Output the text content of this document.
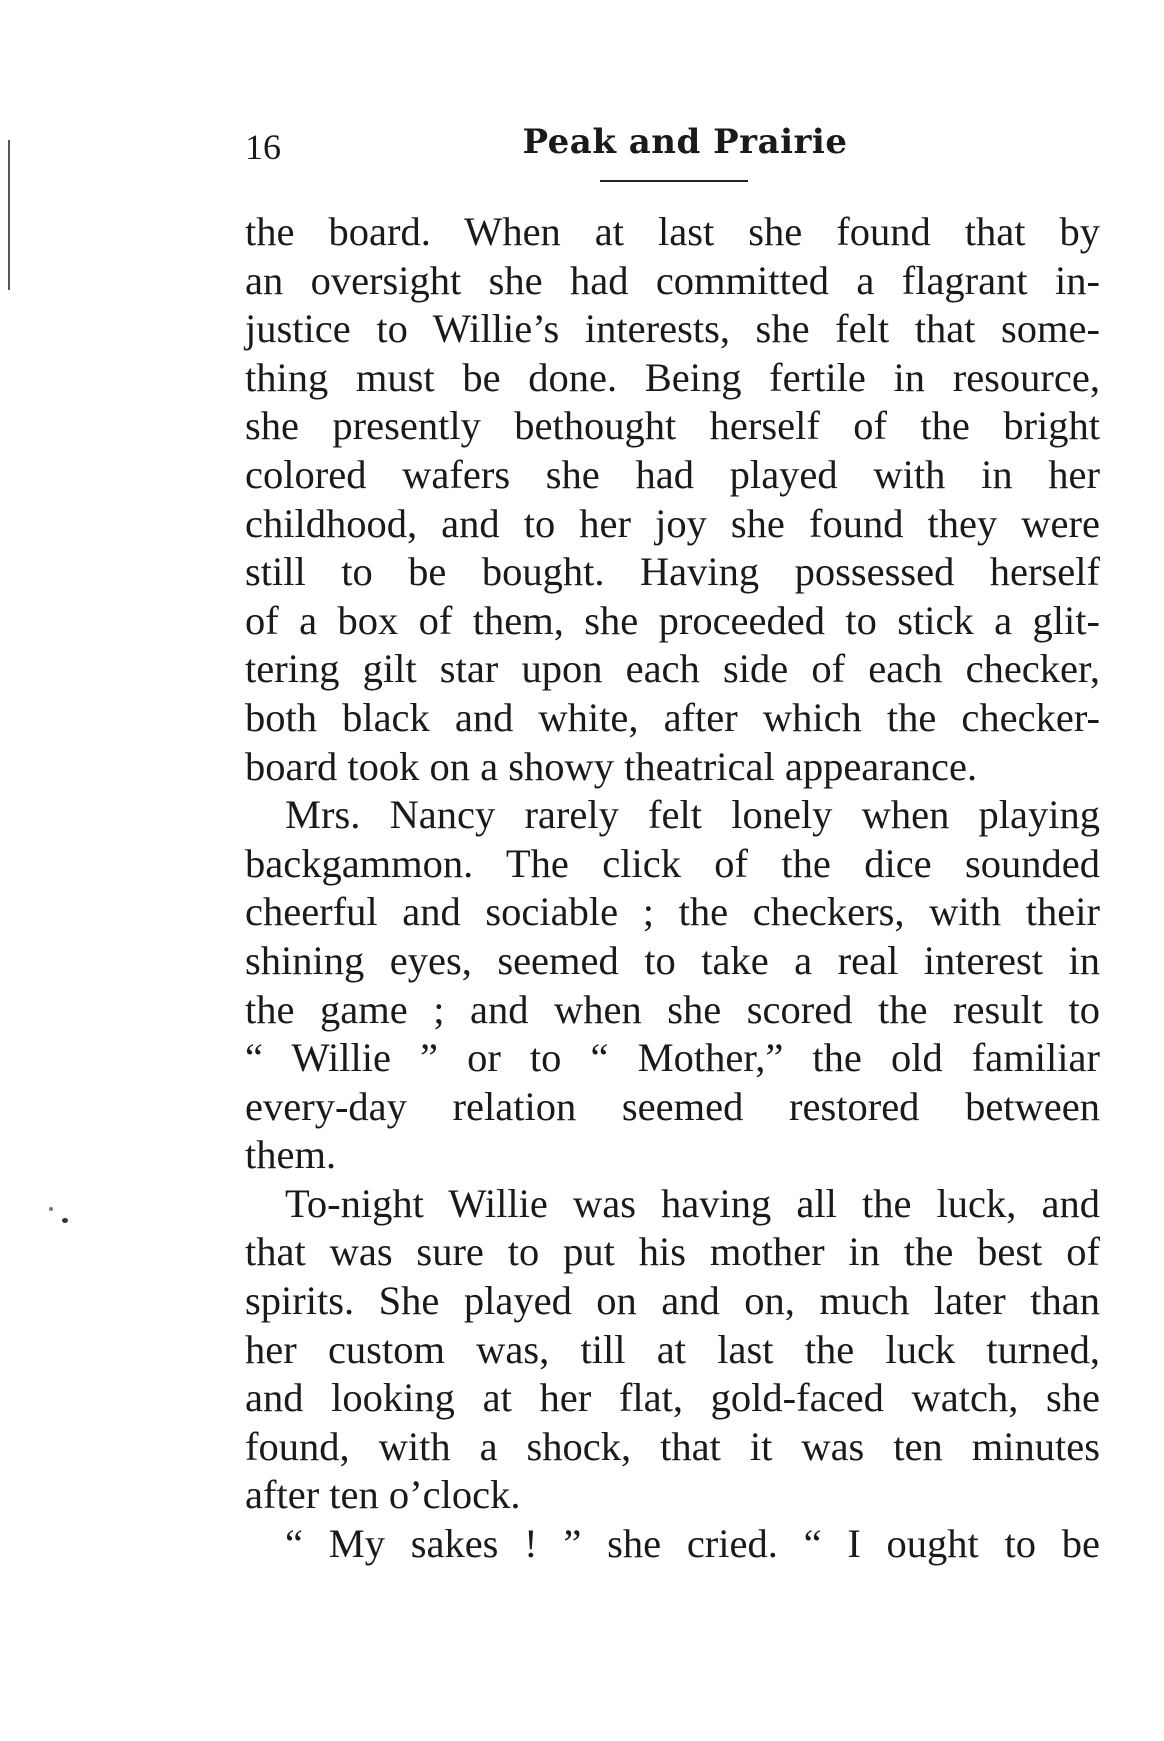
16	Peak and Prairie
the board. When at last she found that by
an oversight she had committed a flagrant in-
justice to Willie’s interests, she felt that some-
thing must be done. Being fertile in resource,
she presently bethought herself of the bright
colored wafers she had played with in her
childhood, and to her joy she found they were
still to be bought. Having possessed herself
of a box of them, she proceeded to stick a glit-
tering gilt star upon each side of each checker,
both black and white, after which the checker-
board took on a showy theatrical appearance.
Mrs. Nancy rarely felt lonely when playing
backgammon. The click of the dice sounded
cheerful and sociable ; the checkers, with their
shining eyes, seemed to take a real interest in
the game ; and when she scored the result to
“ Willie ” or to “ Mother,” the old familiar
every-day relation seemed restored between
them.
To-night Willie was having all the luck, and
that was sure to put his mother in the best of
spirits. She played on and on, much later than
her custom was, till at last the luck turned,
and looking at her flat, gold-faced watch, she
found, with a shock, that it was ten minutes
after ten o’clock.
“ My sakes ! ” she cried. “ I ought to be
